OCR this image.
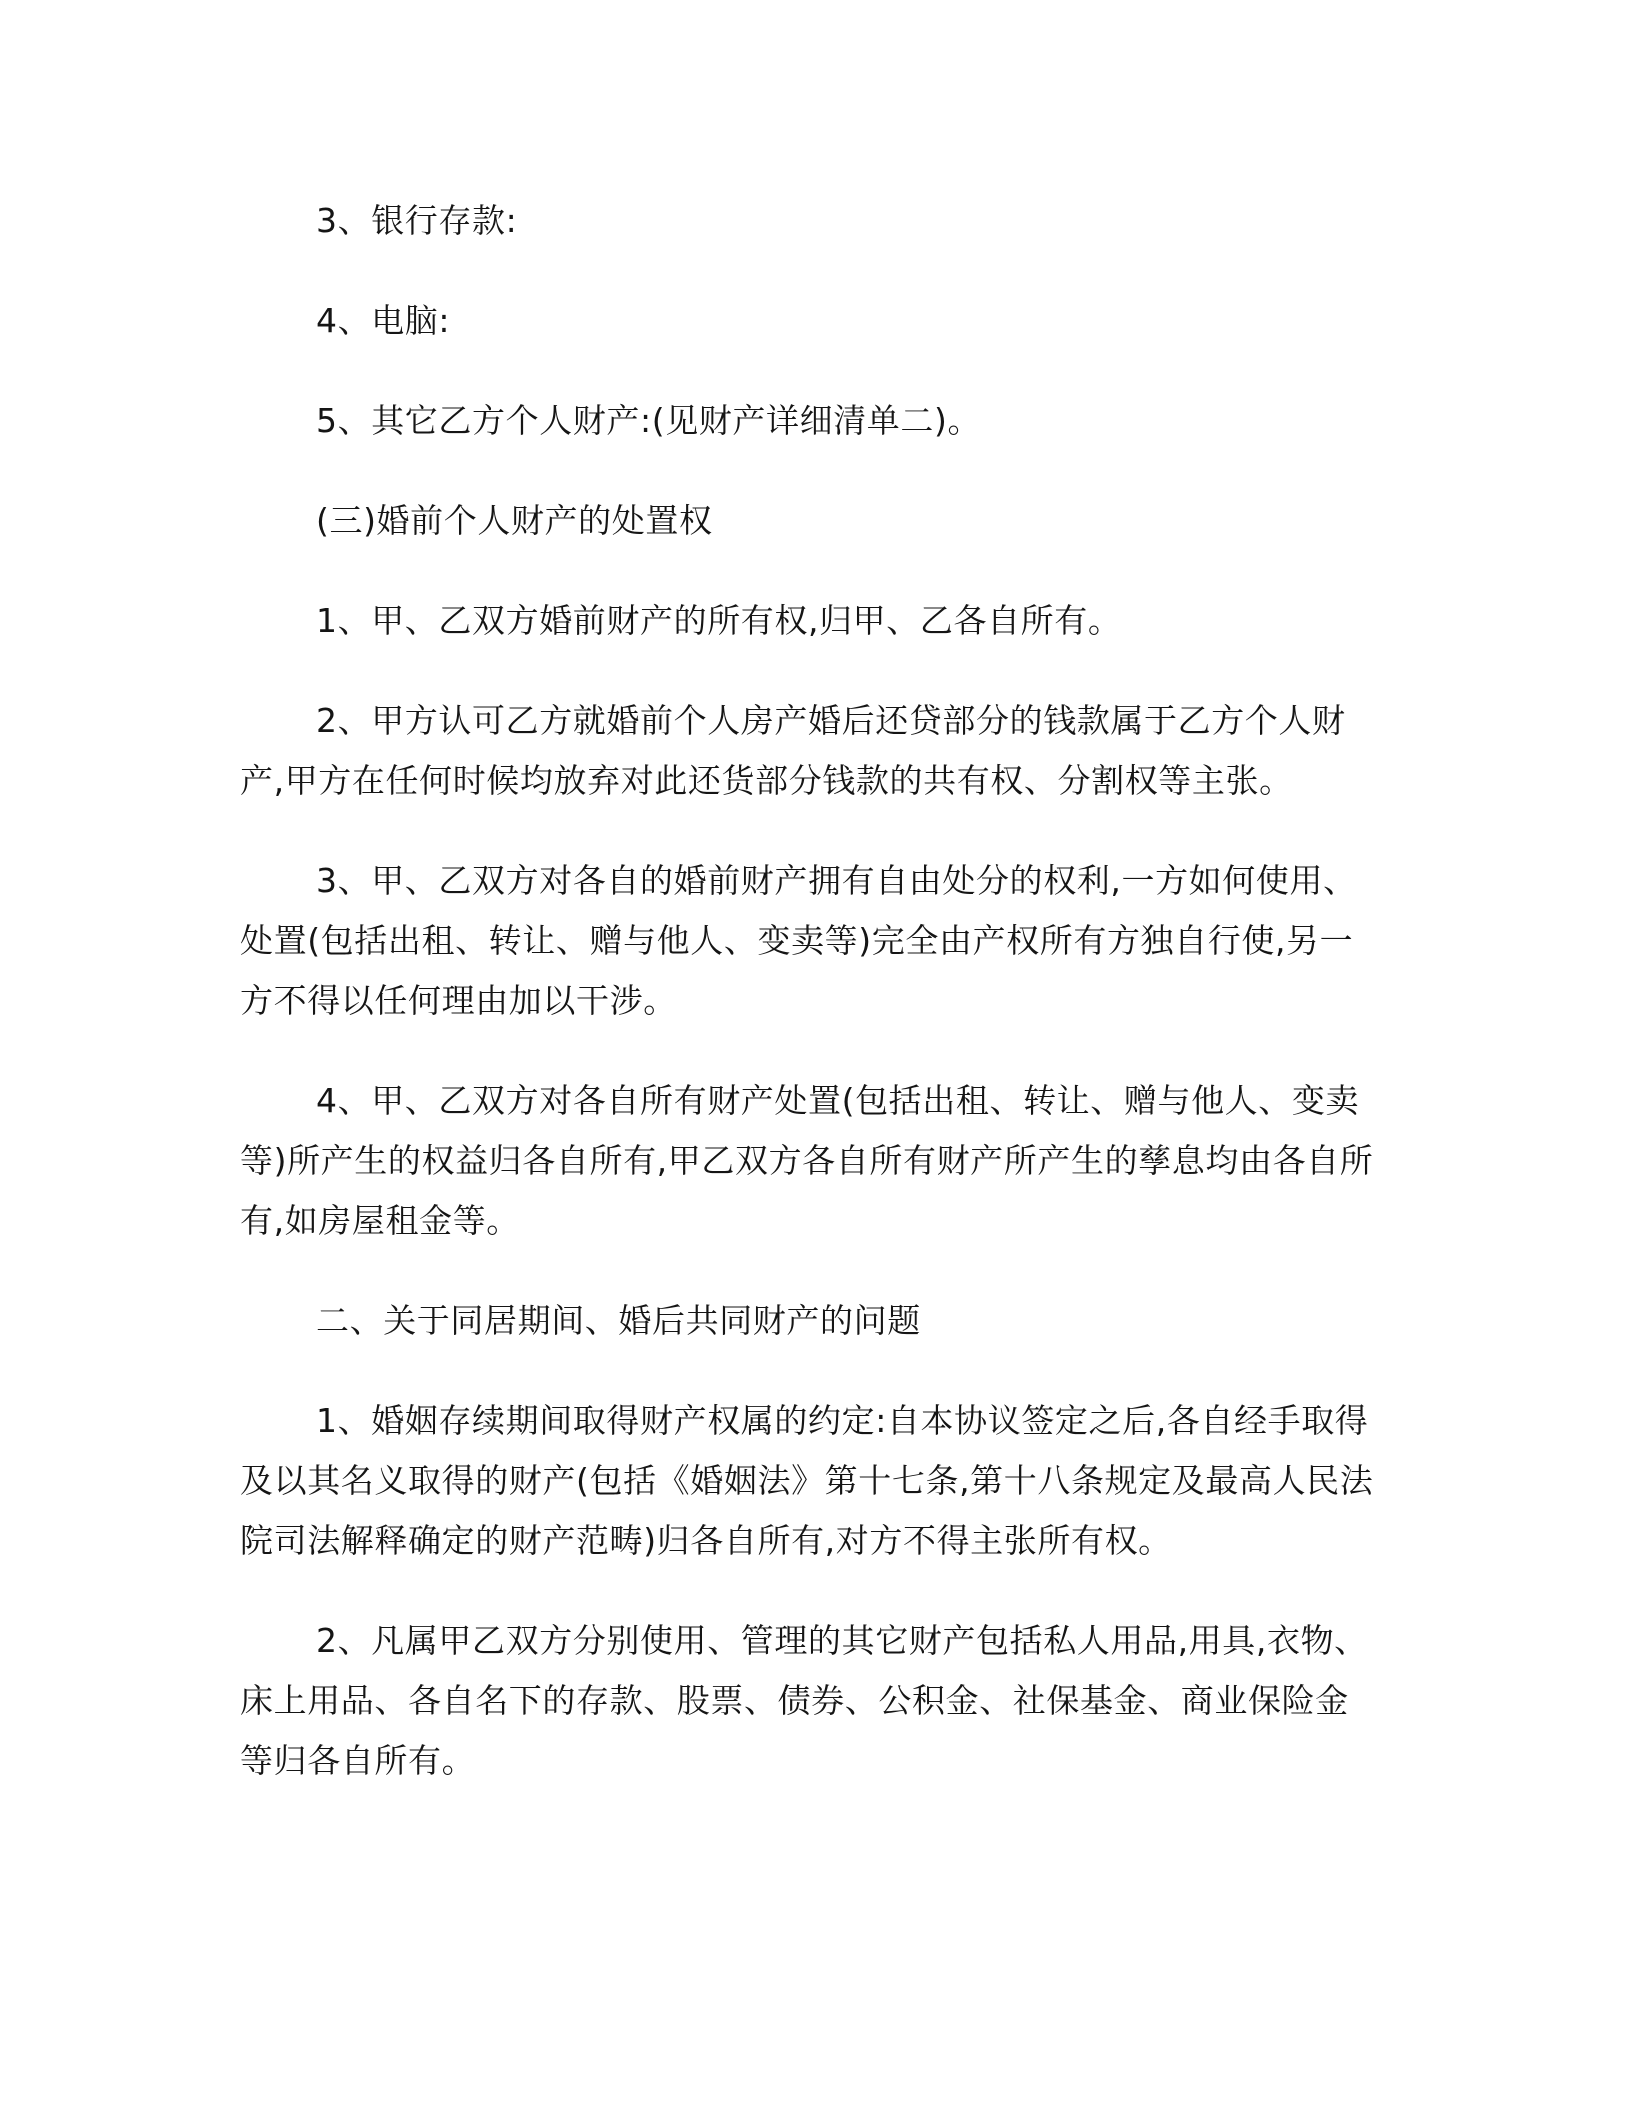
3、银行存款:

4、电脑:

5、其它乙方个人财产:(见财产详细清单二)。

(三)婚前个人财产的处置权

1、甲、乙双方婚前财产的所有权,归甲、乙各自所有。

2、甲方认可乙方就婚前个人房产婚后还贷部分的钱款属于乙方个人财产,甲方在任何时候均放弃对此还货部分钱款的共有权、分割权等主张。

3、甲、乙双方对各自的婚前财产拥有自由处分的权利,一方如何使用、处置(包括出租、转让、赠与他人、变卖等)完全由产权所有方独自行使,另一方不得以任何理由加以干涉。

4、甲、乙双方对各自所有财产处置(包括出租、转让、赠与他人、变卖等)所产生的权益归各自所有,甲乙双方各自所有财产所产生的孳息均由各自所有,如房屋租金等。

二、关于同居期间、婚后共同财产的问题

1、婚姻存续期间取得财产权属的约定:自本协议签定之后,各自经手取得及以其名义取得的财产(包括《婚姻法》第十七条,第十八条规定及最高人民法院司法解释确定的财产范畴)归各自所有,对方不得主张所有权。

2、凡属甲乙双方分别使用、管理的其它财产包括私人用品,用具,衣物、床上用品、各自名下的存款、股票、债券、公积金、社保基金、商业保险金等归各自所有。
